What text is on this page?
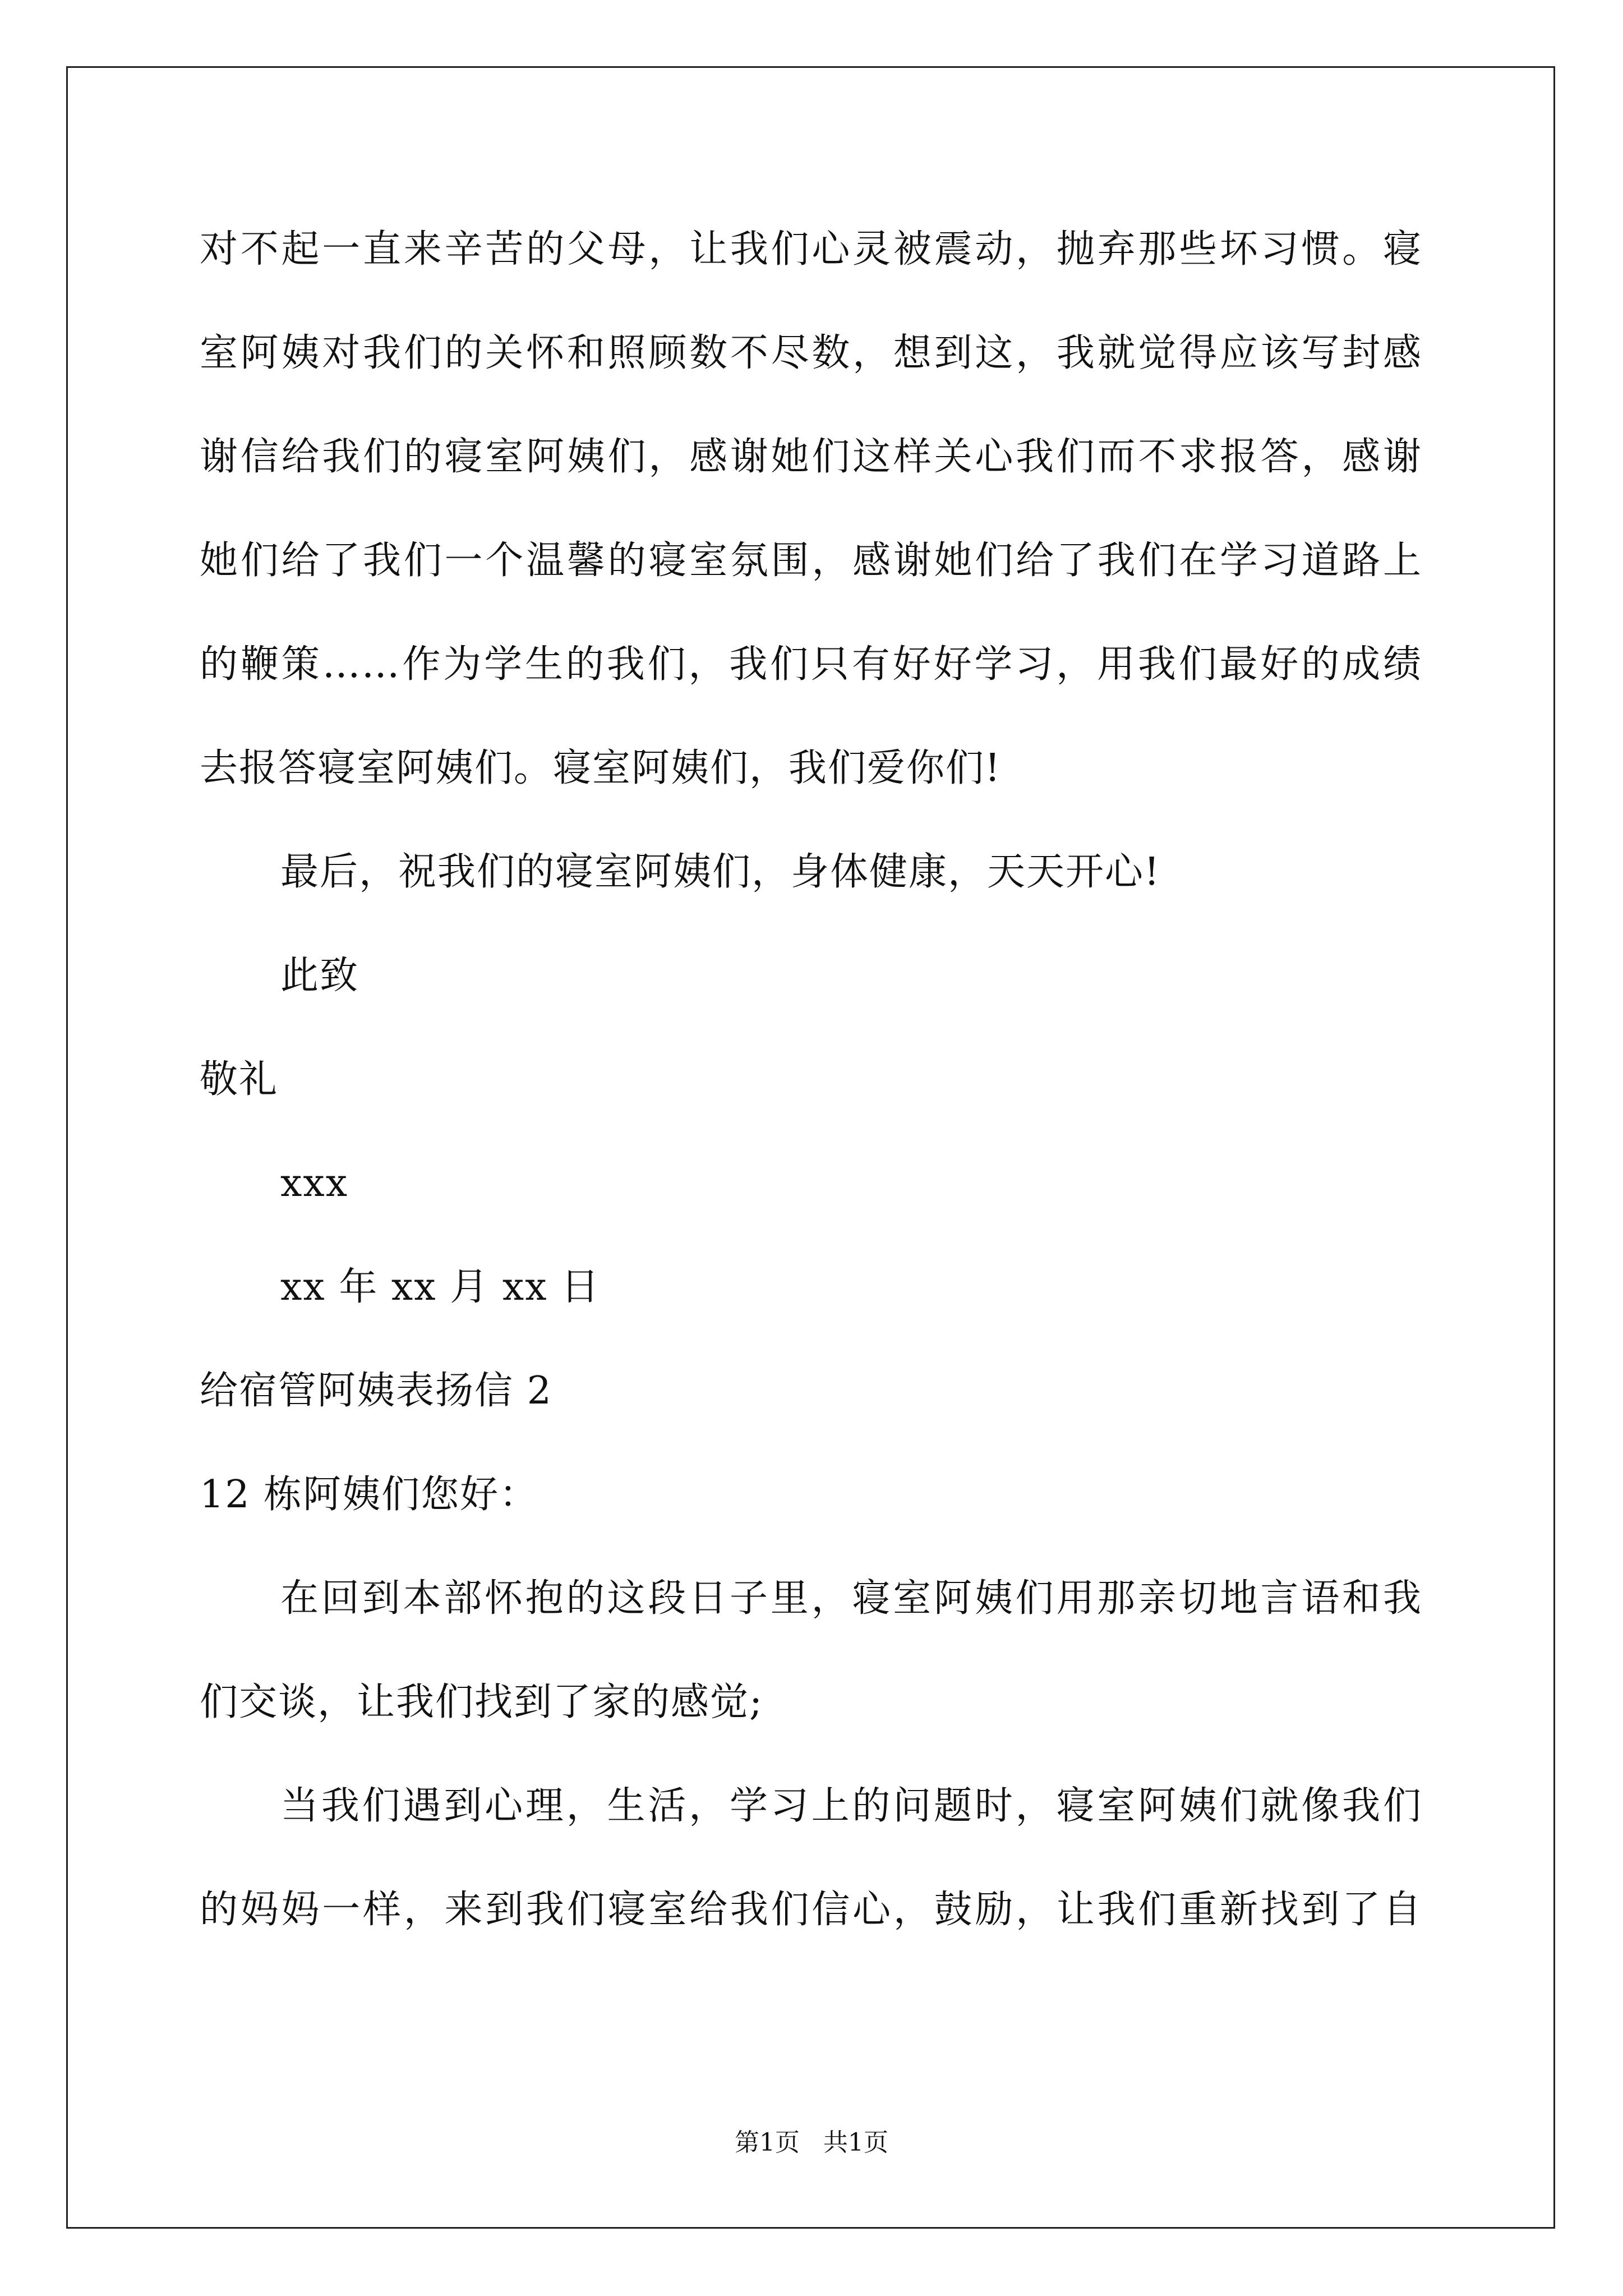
对不起一直来辛苦的父母，让我们心灵被震动，抛弃那些坏习惯。寝
室阿姨对我们的关怀和照顾数不尽数，想到这，我就觉得应该写封感
谢信给我们的寝室阿姨们，感谢她们这样关心我们而不求报答，感谢
她们给了我们一个温馨的寝室氛围，感谢她们给了我们在学习道路上
的鞭策……作为学生的我们，我们只有好好学习，用我们最好的成绩
去报答寝室阿姨们。寝室阿姨们，我们爱你们!
最后，祝我们的寝室阿姨们，身体健康，天天开心!
此致
敬礼
xxx
xx 年 xx 月 xx 日
给宿管阿姨表扬信 2
12 栋阿姨们您好：
在回到本部怀抱的这段日子里，寝室阿姨们用那亲切地言语和我
们交谈，让我们找到了家的感觉;
当我们遇到心理，生活，学习上的问题时，寝室阿姨们就像我们
的妈妈一样，来到我们寝室给我们信心，鼓励，让我们重新找到了自
第1页   共1页
